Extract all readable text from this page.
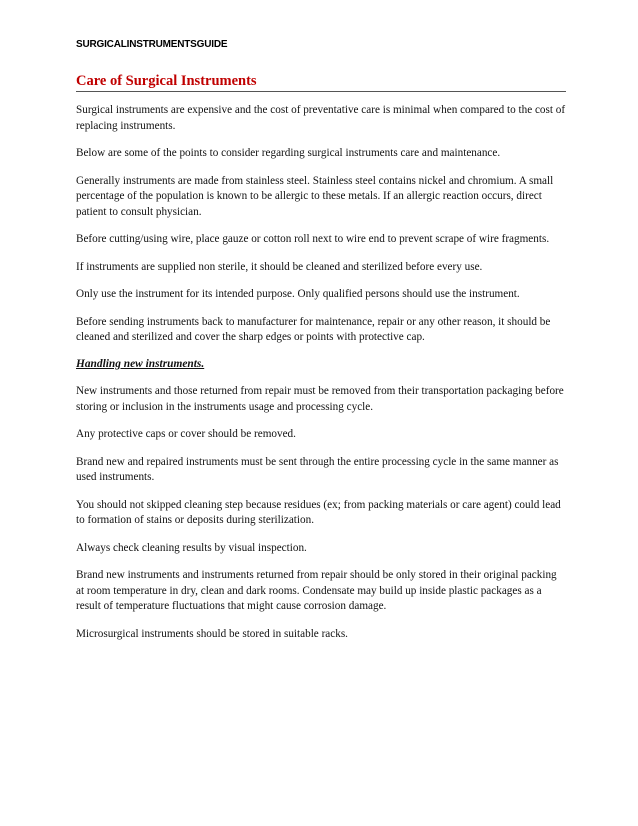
SURGICALINSTRUMENTSGUIDE
Care of Surgical Instruments

Surgical instruments are expensive and the cost of preventative care is minimal when compared to the cost of replacing instruments.

Below are some of the points to consider regarding surgical instruments care and maintenance.

Generally instruments are made from stainless steel. Stainless steel contains nickel and chromium. A small percentage of the population is known to be allergic to these metals. If an allergic reaction occurs, direct patient to consult physician.

Before cutting/using wire, place gauze or cotton roll next to wire end to prevent scrape of wire fragments.

If instruments are supplied non sterile, it should be cleaned and sterilized before every use.

Only use the instrument for its intended purpose. Only qualified persons should use the instrument.

Before sending instruments back to manufacturer for maintenance, repair or any other reason, it should be cleaned and sterilized and cover the sharp edges or points with protective cap.

Handling new instruments.

New instruments and those returned from repair must be removed from their transportation packaging before storing or inclusion in the instruments usage and processing cycle.

Any protective caps or cover should be removed.

Brand new and repaired instruments must be sent through the entire processing cycle in the same manner as used instruments.

You should not skipped cleaning step because residues (ex; from packing materials or care agent) could lead to formation of stains or deposits during sterilization.

Always check cleaning results by visual inspection.

Brand new instruments and instruments returned from repair should be only stored in their original packing at room temperature in dry, clean and dark rooms. Condensate may build up inside plastic packages as a result of temperature fluctuations that might cause corrosion damage.

Microsurgical instruments should be stored in suitable racks.
